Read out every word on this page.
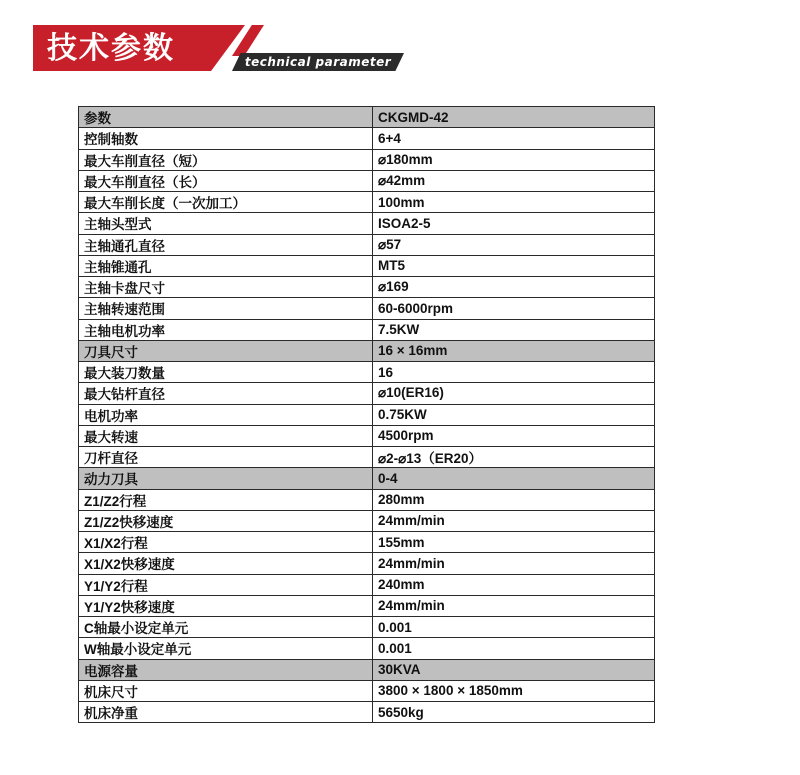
技术参数	technical parameter
参数	CKGMD-42
控制轴数	6+4
最大车削直径（短）	⌀180mm
最大车削直径（长）	⌀42mm
最大车削长度（一次加工）	100mm
主轴头型式	ISOA2-5
主轴通孔直径	⌀57
主轴锥通孔	MT5
主轴卡盘尺寸	⌀169
主轴转速范围	60-6000rpm
主轴电机功率	7.5KW
刀具尺寸	16 × 16mm
最大装刀数量	16
最大钻杆直径	⌀10(ER16)
电机功率	0.75KW
最大转速	4500rpm
刀杆直径	⌀2-⌀13（ER20）
动力刀具	0-4
Z1/Z2行程	280mm
Z1/Z2快移速度	24mm/min
X1/X2行程	155mm
X1/X2快移速度	24mm/min
Y1/Y2行程	240mm
Y1/Y2快移速度	24mm/min
C轴最小设定单元	0.001
W轴最小设定单元	0.001
电源容量	30KVA
机床尺寸	3800 × 1800 × 1850mm
机床净重	5650kg
